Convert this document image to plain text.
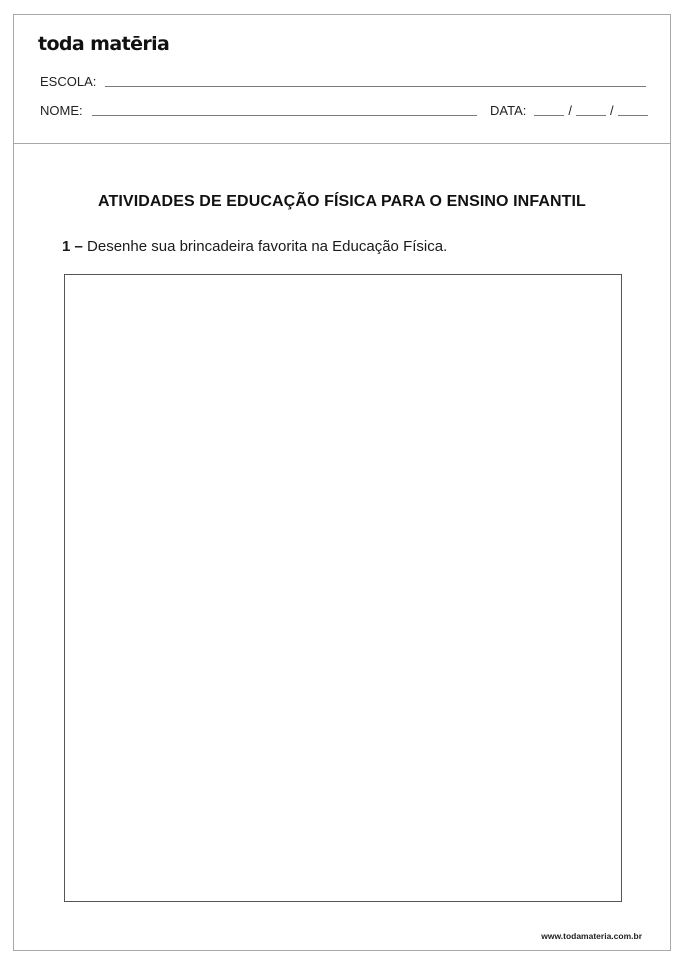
toda matēria
ESCOLA:
NOME:	DATA:	/	/
ATIVIDADES DE EDUCAÇÃO FÍSICA PARA O ENSINO INFANTIL
1 – Desenhe sua brincadeira favorita na Educação Física.
www.todamateria.com.br
